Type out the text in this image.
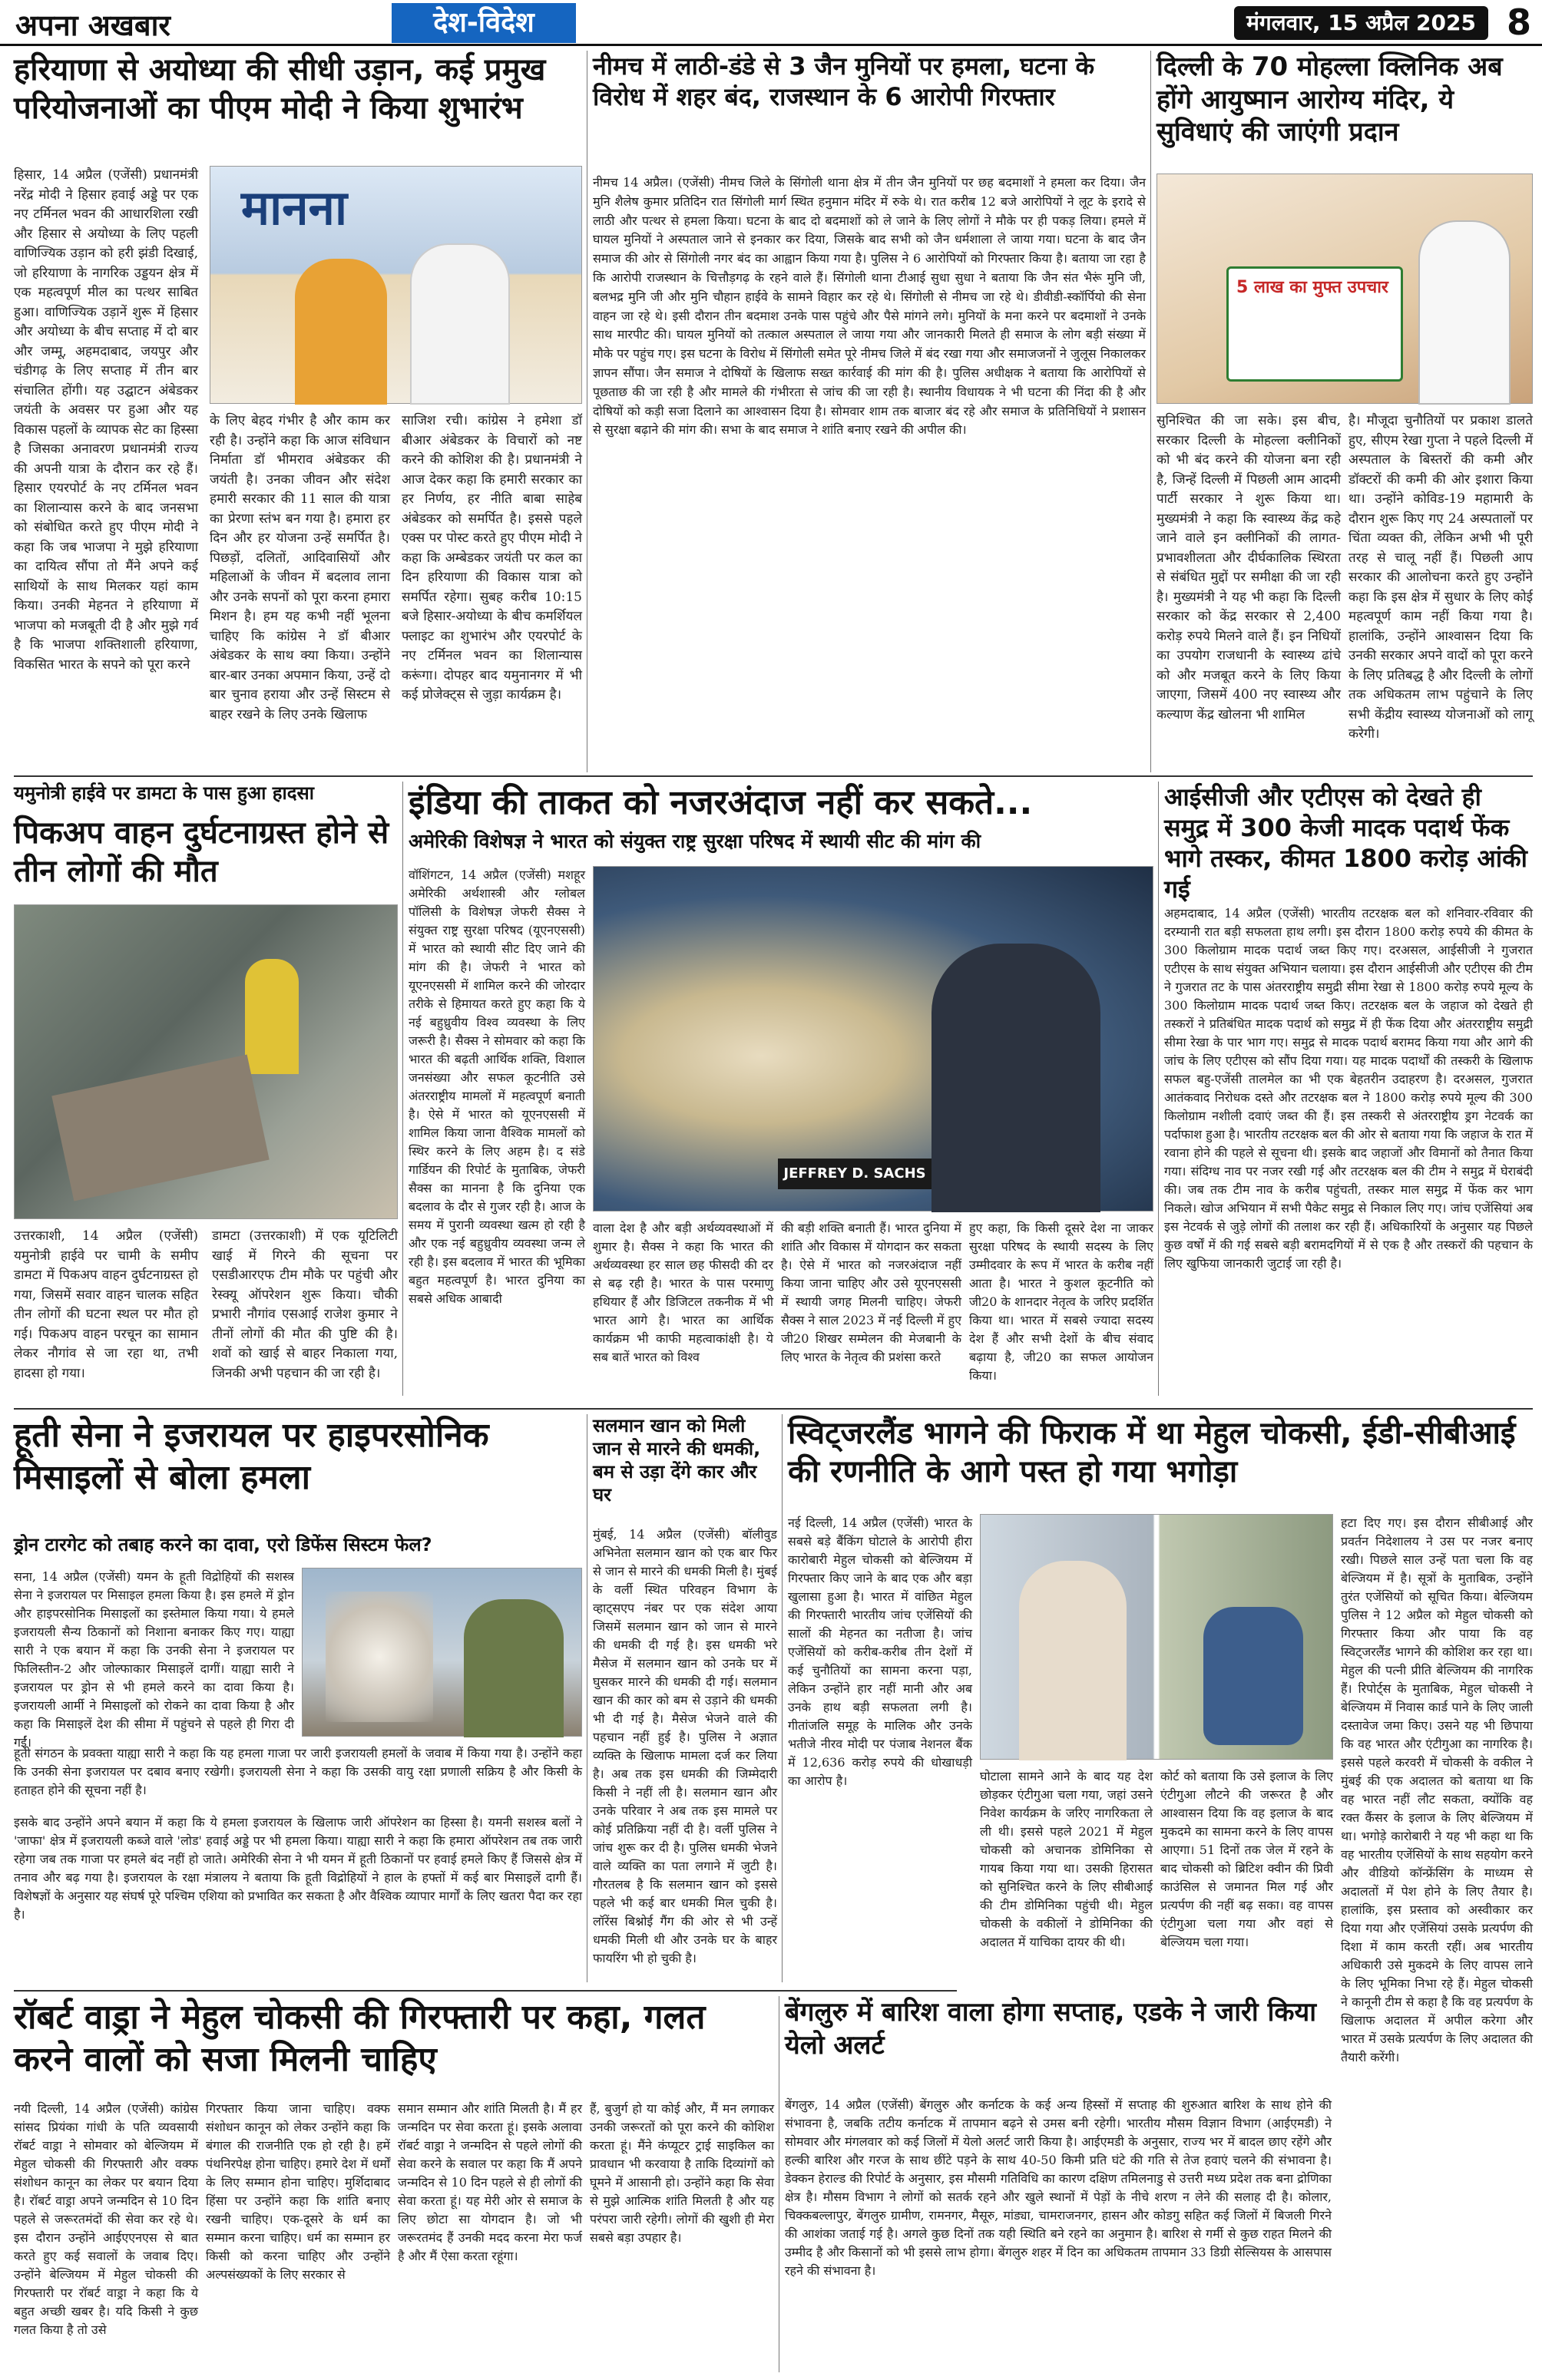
अपना अखबार	देश-विदेश	मंगलवार, 15 अप्रैल 2025 8
हरियाणा से अयोध्या की सीधी उड़ान, कई प्रमुख परियोजनाओं का पीएम मोदी ने किया शुभारंभ
मानना
हिसार, 14 अप्रैल (एजेंसी) प्रधानमंत्री नरेंद्र मोदी ने हिसार हवाई अड्डे पर एक नए टर्मिनल भवन की आधारशिला रखी और हिसार से अयोध्या के लिए पहली वाणिज्यिक उड़ान को हरी झंडी दिखाई, जो हरियाणा के नागरिक उड्डयन क्षेत्र में एक महत्वपूर्ण मील का पत्थर साबित हुआ। वाणिज्यिक उड़ानें शुरू में हिसार और अयोध्या के बीच सप्ताह में दो बार और जम्मू, अहमदाबाद, जयपुर और चंडीगढ़ के लिए सप्ताह में तीन बार संचालित होंगी। यह उद्घाटन अंबेडकर जयंती के अवसर पर हुआ और यह विकास पहलों के व्यापक सेट का हिस्सा है जिसका अनावरण प्रधानमंत्री राज्य की अपनी यात्रा के दौरान कर रहे हैं। हिसार एयरपोर्ट के नए टर्मिनल भवन का शिलान्यास करने के बाद जनसभा को संबोधित करते हुए पीएम मोदी ने कहा कि जब भाजपा ने मुझे हरियाणा का दायित्व सौंपा तो मैंने अपने कई साथियों के साथ मिलकर यहां काम किया। उनकी मेहनत ने हरियाणा में भाजपा को मजबूती दी है और मुझे गर्व है कि भाजपा शक्तिशाली हरियाणा, विकसित भारत के सपने को पूरा करने
के लिए बेहद गंभीर है और काम कर रही है। उन्होंने कहा कि आज संविधान निर्माता डॉ भीमराव अंबेडकर की जयंती है। उनका जीवन और संदेश हमारी सरकार की 11 साल की यात्रा का प्रेरणा स्तंभ बन गया है। हमारा हर दिन और हर योजना उन्हें समर्पित है। पिछड़ों, दलितों, आदिवासियों और महिलाओं के जीवन में बदलाव लाना और उनके सपनों को पूरा करना हमारा मिशन है। हम यह कभी नहीं भूलना चाहिए कि कांग्रेस ने डॉ बीआर अंबेडकर के साथ क्या किया। उन्होंने बार-बार उनका अपमान किया, उन्हें दो बार चुनाव हराया और उन्हें सिस्टम से बाहर रखने के लिए उनके खिलाफ
साजिश रची। कांग्रेस ने हमेशा डॉ बीआर अंबेडकर के विचारों को नष्ट करने की कोशिश की है। प्रधानमंत्री ने आज देकर कहा कि हमारी सरकार का हर निर्णय, हर नीति बाबा साहेब अंबेडकर को समर्पित है। इससे पहले एक्स पर पोस्ट करते हुए पीएम मोदी ने कहा कि अम्बेडकर जयंती पर कल का दिन हरियाणा की विकास यात्रा को समर्पित रहेगा। सुबह करीब 10:15 बजे हिसार-अयोध्या के बीच कमर्शियल फ्लाइट का शुभारंभ और एयरपोर्ट के नए टर्मिनल भवन का शिलान्यास करूंगा। दोपहर बाद यमुनानगर में भी कई प्रोजेक्ट्स से जुड़ा कार्यक्रम है।
नीमच में लाठी-डंडे से 3 जैन मुनियों पर हमला, घटना के विरोध में शहर बंद, राजस्थान के 6 आरोपी गिरफ्तार
नीमच 14 अप्रैल। (एजेंसी) नीमच जिले के सिंगोली थाना क्षेत्र में तीन जैन मुनियों पर छह बदमाशों ने हमला कर दिया। जैन मुनि शैलेष कुमार प्रतिदिन रात सिंगोली मार्ग स्थित हनुमान मंदिर में रुके थे। रात करीब 12 बजे आरोपियों ने लूट के इरादे से लाठी और पत्थर से हमला किया। घटना के बाद दो बदमाशों को ले जाने के लिए लोगों ने मौके पर ही पकड़ लिया। हमले में घायल मुनियों ने अस्पताल जाने से इनकार कर दिया, जिसके बाद सभी को जैन धर्मशाला ले जाया गया। घटना के बाद जैन समाज की ओर से सिंगोली नगर बंद का आह्वान किया गया है। पुलिस ने 6 आरोपियों को गिरफ्तार किया है। बताया जा रहा है कि आरोपी राजस्थान के चित्तौड़गढ़ के रहने वाले हैं। सिंगोली थाना टीआई सुधा सुधा ने बताया कि जैन संत भैरूं मुनि जी, बलभद्र मुनि जी और मुनि चौहान हाईवे के सामने विहार कर रहे थे। सिंगोली से नीमच जा रहे थे। डीवीडी-स्कॉर्पियो की सेना वाहन जा रहे थे। इसी दौरान तीन बदमाश उनके पास पहुंचे और पैसे मांगने लगे। मुनियों के मना करने पर बदमाशों ने उनके साथ मारपीट की। घायल मुनियों को तत्काल अस्पताल ले जाया गया और जानकारी मिलते ही समाज के लोग बड़ी संख्या में मौके पर पहुंच गए। इस घटना के विरोध में सिंगोली समेत पूरे नीमच जिले में बंद रखा गया और समाजजनों ने जुलूस निकालकर ज्ञापन सौंपा। जैन समाज ने दोषियों के खिलाफ सख्त कार्रवाई की मांग की है। पुलिस अधीक्षक ने बताया कि आरोपियों से पूछताछ की जा रही है और मामले की गंभीरता से जांच की जा रही है। स्थानीय विधायक ने भी घटना की निंदा की है और दोषियों को कड़ी सजा दिलाने का आश्वासन दिया है। सोमवार शाम तक बाजार बंद रहे और समाज के प्रतिनिधियों ने प्रशासन से सुरक्षा बढ़ाने की मांग की। सभा के बाद समाज ने शांति बनाए रखने की अपील की।
दिल्ली के 70 मोहल्ला क्लिनिक अब होंगे आयुष्मान आरोग्य मंदिर, ये सुविधाएं की जाएंगी प्रदान
5 लाख का मुफ्त उपचार
सुनिश्चित की जा सके। इस बीच, सरकार दिल्ली के मोहल्ला क्लीनिकों को भी बंद करने की योजना बना रही है, जिन्हें दिल्ली में पिछली आम आदमी पार्टी सरकार ने शुरू किया था। मुख्यमंत्री ने कहा कि स्वास्थ्य केंद्र कहे जाने वाले इन क्लीनिकों की लागत-प्रभावशीलता और दीर्घकालिक स्थिरता से संबंधित मुद्दों पर समीक्षा की जा रही है। मुख्यमंत्री ने यह भी कहा कि दिल्ली सरकार को केंद्र सरकार से 2,400 करोड़ रुपये मिलने वाले हैं। इन निधियों का उपयोग राजधानी के स्वास्थ्य ढांचे को और मजबूत करने के लिए किया जाएगा, जिसमें 400 नए स्वास्थ्य और कल्याण केंद्र खोलना भी शामिल
है। मौजूदा चुनौतियों पर प्रकाश डालते हुए, सीएम रेखा गुप्ता ने पहले दिल्ली में अस्पताल के बिस्तरों की कमी और डॉक्टरों की कमी की ओर इशारा किया था। उन्होंने कोविड-19 महामारी के दौरान शुरू किए गए 24 अस्पतालों पर चिंता व्यक्त की, लेकिन अभी भी पूरी तरह से चालू नहीं हैं। पिछली आप सरकार की आलोचना करते हुए उन्होंने कहा कि इस क्षेत्र में सुधार के लिए कोई महत्वपूर्ण काम नहीं किया गया है। हालांकि, उन्होंने आश्वासन दिया कि उनकी सरकार अपने वादों को पूरा करने के लिए प्रतिबद्ध है और दिल्ली के लोगों तक अधिकतम लाभ पहुंचाने के लिए सभी केंद्रीय स्वास्थ्य योजनाओं को लागू करेगी।
यमुनोत्री हाईवे पर डामटा के पास हुआ हादसा
पिकअप वाहन दुर्घटनाग्रस्त होने से तीन लोगों की मौत
उत्तरकाशी, 14 अप्रैल (एजेंसी) यमुनोत्री हाईवे पर चामी के समीप डामटा में पिकअप वाहन दुर्घटनाग्रस्त हो गया, जिसमें सवार वाहन चालक सहित तीन लोगों की घटना स्थल पर मौत हो गई। पिकअप वाहन परचून का सामान लेकर नौगांव से जा रहा था, तभी हादसा हो गया।
डामटा (उत्तरकाशी) में एक यूटिलिटी खाई में गिरने की सूचना पर एसडीआरएफ टीम मौके पर पहुंची और रेस्क्यू ऑपरेशन शुरू किया। चौकी प्रभारी नौगांव एसआई राजेश कुमार ने तीनों लोगों की मौत की पुष्टि की है। शवों को खाई से बाहर निकाला गया, जिनकी अभी पहचान की जा रही है।
इंडिया की ताकत को नजरअंदाज नहीं कर सकते...
अमेरिकी विशेषज्ञ ने भारत को संयुक्त राष्ट्र सुरक्षा परिषद में स्थायी सीट की मांग की
वॉशिंगटन, 14 अप्रैल (एजेंसी) मशहूर अमेरिकी अर्थशास्त्री और ग्लोबल पॉलिसी के विशेषज्ञ जेफरी सैक्स ने संयुक्त राष्ट्र सुरक्षा परिषद (यूएनएससी) में भारत को स्थायी सीट दिए जाने की मांग की है। जेफरी ने भारत को यूएनएससी में शामिल करने की जोरदार तरीके से हिमायत करते हुए कहा कि ये नई बहुध्रुवीय विश्व व्यवस्था के लिए जरूरी है। सैक्स ने सोमवार को कहा कि भारत की बढ़ती आर्थिक शक्ति, विशाल जनसंख्या और सफल कूटनीति उसे अंतरराष्ट्रीय मामलों में महत्वपूर्ण बनाती है। ऐसे में भारत को यूएनएससी में शामिल किया जाना वैश्विक मामलों को स्थिर करने के लिए अहम है। द संडे गार्डियन की रिपोर्ट के मुताबिक, जेफरी सैक्स का मानना है कि दुनिया एक बदलाव के दौर से गुजर रही है। आज के समय में पुरानी व्यवस्था खत्म हो रही है और एक नई बहुध्रुवीय व्यवस्था जन्म ले रही है। इस बदलाव में भारत की भूमिका बहुत महत्वपूर्ण है। भारत दुनिया का सबसे अधिक आबादी
JEFFREY D. SACHS
वाला देश है और बड़ी अर्थव्यवस्थाओं में शुमार है। सैक्स ने कहा कि भारत की अर्थव्यवस्था हर साल छह फीसदी की दर से बढ़ रही है। भारत के पास परमाणु हथियार हैं और डिजिटल तकनीक में भी भारत आगे है। भारत का आर्थिक कार्यक्रम भी काफी महत्वाकांक्षी है। ये सब बातें भारत को विश्व
की बड़ी शक्ति बनाती हैं। भारत दुनिया में शांति और विकास में योगदान कर सकता है। ऐसे में भारत को नजरअंदाज नहीं किया जाना चाहिए और उसे यूएनएससी में स्थायी जगह मिलनी चाहिए। जेफरी सैक्स ने साल 2023 में नई दिल्ली में हुए जी20 शिखर सम्मेलन की मेजबानी के लिए भारत के नेतृत्व की प्रशंसा करते
हुए कहा, कि किसी दूसरे देश ना जाकर सुरक्षा परिषद के स्थायी सदस्य के लिए उम्मीदवार के रूप में भारत के करीब नहीं आता है। भारत ने कुशल कूटनीति को जी20 के शानदार नेतृत्व के जरिए प्रदर्शित किया था। भारत में सबसे ज्यादा सदस्य देश हैं और सभी देशों के बीच संवाद बढ़ाया है, जी20 का सफल आयोजन किया।
आईसीजी और एटीएस को देखते ही समुद्र में 300 केजी मादक पदार्थ फेंक भागे तस्कर, कीमत 1800 करोड़ आंकी गई
अहमदाबाद, 14 अप्रैल (एजेंसी) भारतीय तटरक्षक बल को शनिवार-रविवार की दरम्यानी रात बड़ी सफलता हाथ लगी। इस दौरान 1800 करोड़ रुपये की कीमत के 300 किलोग्राम मादक पदार्थ जब्त किए गए। दरअसल, आईसीजी ने गुजरात एटीएस के साथ संयुक्त अभियान चलाया। इस दौरान आईसीजी और एटीएस की टीम ने गुजरात तट के पास अंतरराष्ट्रीय समुद्री सीमा रेखा से 1800 करोड़ रुपये मूल्य के 300 किलोग्राम मादक पदार्थ जब्त किए। तटरक्षक बल के जहाज को देखते ही तस्करों ने प्रतिबंधित मादक पदार्थ को समुद्र में ही फेंक दिया और अंतरराष्ट्रीय समुद्री सीमा रेखा के पार भाग गए। समुद्र से मादक पदार्थ बरामद किया गया और आगे की जांच के लिए एटीएस को सौंप दिया गया। यह मादक पदार्थों की तस्करी के खिलाफ सफल बहु-एजेंसी तालमेल का भी एक बेहतरीन उदाहरण है। दरअसल, गुजरात आतंकवाद निरोधक दस्ते और तटरक्षक बल ने 1800 करोड़ रुपये मूल्य की 300 किलोग्राम नशीली दवाएं जब्त की हैं। इस तस्करी से अंतरराष्ट्रीय ड्रग नेटवर्क का पर्दाफाश हुआ है। भारतीय तटरक्षक बल की ओर से बताया गया कि जहाज के रात में रवाना होने की पहले से सूचना थी। इसके बाद जहाजों और विमानों को तैनात किया गया। संदिग्ध नाव पर नजर रखी गई और तटरक्षक बल की टीम ने समुद्र में घेराबंदी की। जब तक टीम नाव के करीब पहुंचती, तस्कर माल समुद्र में फेंक कर भाग निकले। खोज अभियान में सभी पैकेट समुद्र से निकाल लिए गए। जांच एजेंसियां अब इस नेटवर्क से जुड़े लोगों की तलाश कर रही हैं। अधिकारियों के अनुसार यह पिछले कुछ वर्षों में की गई सबसे बड़ी बरामदगियों में से एक है और तस्करों की पहचान के लिए खुफिया जानकारी जुटाई जा रही है।
हूती सेना ने इजरायल पर हाइपरसोनिक मिसाइलों से बोला हमला
ड्रोन टारगेट को तबाह करने का दावा, एरो डिफेंस सिस्टम फेल?
सना, 14 अप्रैल (एजेंसी) यमन के हूती विद्रोहियों की सशस्त्र सेना ने इजरायल पर मिसाइल हमला किया है। इस हमले में ड्रोन और हाइपरसोनिक मिसाइलों का इस्तेमाल किया गया। ये हमले इजरायली सैन्य ठिकानों को निशाना बनाकर किए गए। याह्या सारी ने एक बयान में कहा कि उनकी सेना ने इजरायल पर फिलिस्तीन-2 और जोल्फाकार मिसाइलें दागीं। याह्या सारी ने इजरायल पर ड्रोन से भी हमले करने का दावा किया है। इजरायली आर्मी ने मिसाइलों को रोकने का दावा किया है और कहा कि मिसाइलें देश की सीमा में पहुंचने से पहले ही गिरा दी गईं।
हूती संगठन के प्रवक्ता याह्या सारी ने कहा कि यह हमला गाजा पर जारी इजरायली हमलों के जवाब में किया गया है। उन्होंने कहा कि उनकी सेना इजरायल पर दबाव बनाए रखेगी। इजरायली सेना ने कहा कि उसकी वायु रक्षा प्रणाली सक्रिय है और किसी के हताहत होने की सूचना नहीं है।
इसके बाद उन्होंने अपने बयान में कहा कि ये हमला इजरायल के खिलाफ जारी ऑपरेशन का हिस्सा है। यमनी सशस्त्र बलों ने 'जाफा' क्षेत्र में इजरायली कब्जे वाले 'लोड' हवाई अड्डे पर भी हमला किया। याह्या सारी ने कहा कि हमारा ऑपरेशन तब तक जारी रहेगा जब तक गाजा पर हमले बंद नहीं हो जाते। अमेरिकी सेना ने भी यमन में हूती ठिकानों पर हवाई हमले किए हैं जिससे क्षेत्र में तनाव और बढ़ गया है। इजरायल के रक्षा मंत्रालय ने बताया कि हूती विद्रोहियों ने हाल के हफ्तों में कई बार मिसाइलें दागी हैं। विशेषज्ञों के अनुसार यह संघर्ष पूरे पश्चिम एशिया को प्रभावित कर सकता है और वैश्विक व्यापार मार्गों के लिए खतरा पैदा कर रहा है।
सलमान खान को मिली जान से मारने की धमकी, बम से उड़ा देंगे कार और घर
मुंबई, 14 अप्रैल (एजेंसी) बॉलीवुड अभिनेता सलमान खान को एक बार फिर से जान से मारने की धमकी मिली है। मुंबई के वर्ली स्थित परिवहन विभाग के व्हाट्सएप नंबर पर एक संदेश आया जिसमें सलमान खान को जान से मारने की धमकी दी गई है। इस धमकी भरे मैसेज में सलमान खान को उनके घर में घुसकर मारने की धमकी दी गई। सलमान खान की कार को बम से उड़ाने की धमकी भी दी गई है। मैसेज भेजने वाले की पहचान नहीं हुई है। पुलिस ने अज्ञात व्यक्ति के खिलाफ मामला दर्ज कर लिया है। अब तक इस धमकी की जिम्मेदारी किसी ने नहीं ली है। सलमान खान और उनके परिवार ने अब तक इस मामले पर कोई प्रतिक्रिया नहीं दी है। वर्ली पुलिस ने जांच शुरू कर दी है। पुलिस धमकी भेजने वाले व्यक्ति का पता लगाने में जुटी है। गौरतलब है कि सलमान खान को इससे पहले भी कई बार धमकी मिल चुकी है। लॉरेंस बिश्नोई गैंग की ओर से भी उन्हें धमकी मिली थी और उनके घर के बाहर फायरिंग भी हो चुकी है।
स्विट्जरलैंड भागने की फिराक में था मेहुल चोकसी, ईडी-सीबीआई की रणनीति के आगे पस्त हो गया भगोड़ा
नई दिल्ली, 14 अप्रैल (एजेंसी) भारत के सबसे बड़े बैंकिंग घोटाले के आरोपी हीरा कारोबारी मेहुल चोकसी को बेल्जियम में गिरफ्तार किए जाने के बाद एक और बड़ा खुलासा हुआ है। भारत में वांछित मेहुल की गिरफ्तारी भारतीय जांच एजेंसियों की सालों की मेहनत का नतीजा है। जांच एजेंसियों को करीब-करीब तीन देशों में कई चुनौतियों का सामना करना पड़ा, लेकिन उन्होंने हार नहीं मानी और अब उनके हाथ बड़ी सफलता लगी है। गीतांजलि समूह के मालिक और उनके भतीजे नीरव मोदी पर पंजाब नेशनल बैंक में 12,636 करोड़ रुपये की धोखाधड़ी का आरोप है।	घोटाला सामने आने के बाद यह देश छोड़कर एंटीगुआ चला गया, जहां उसने निवेश कार्यक्रम के जरिए नागरिकता ले ली थी। इससे पहले 2021 में मेहुल चोकसी को अचानक डोमिनिका से गायब किया गया था। उसकी हिरासत को सुनिश्चित करने के लिए सीबीआई की टीम डोमिनिका पहुंची थी। मेहुल चोकसी के वकीलों ने डोमिनिका की अदालत में याचिका दायर की थी।
कोर्ट को बताया कि उसे इलाज के लिए एंटीगुआ लौटने की जरूरत है और आश्वासन दिया कि वह इलाज के बाद मुकदमे का सामना करने के लिए वापस आएगा। 51 दिनों तक जेल में रहने के बाद चोकसी को ब्रिटिश क्वीन की प्रिवी काउंसिल से जमानत मिल गई और प्रत्यर्पण की नहीं बढ़ सका। वह वापस एंटीगुआ चला गया और वहां से बेल्जियम चला गया।
हटा दिए गए। इस दौरान सीबीआई और प्रवर्तन निदेशालय ने उस पर नजर बनाए रखी। पिछले साल उन्हें पता चला कि वह बेल्जियम में है। सूत्रों के मुताबिक, उन्होंने तुरंत एजेंसियों को सूचित किया। बेल्जियम पुलिस ने 12 अप्रैल को मेहुल चोकसी को गिरफ्तार किया और पाया कि वह स्विट्जरलैंड भागने की कोशिश कर रहा था। मेहुल की पत्नी प्रीति बेल्जियम की नागरिक हैं। रिपोर्ट्स के मुताबिक, मेहुल चोकसी ने बेल्जियम में निवास कार्ड पाने के लिए जाली दस्तावेज जमा किए। उसने यह भी छिपाया कि वह भारत और एंटीगुआ का नागरिक है। इससे पहले करवरी में चोकसी के वकील ने मुंबई की एक अदालत को बताया था कि वह भारत नहीं लौट सकता, क्योंकि वह रक्त कैंसर के इलाज के लिए बेल्जियम में था। भगोड़े कारोबारी ने यह भी कहा था कि वह भारतीय एजेंसियों के साथ सहयोग करने और वीडियो कॉन्फ्रेंसिंग के माध्यम से अदालतों में पेश होने के लिए तैयार है। हालांकि, इस प्रस्ताव को अस्वीकार कर दिया गया और एजेंसियां उसके प्रत्यर्पण की दिशा में काम करती रहीं। अब भारतीय अधिकारी उसे मुकदमे के लिए वापस लाने के लिए भूमिका निभा रहे हैं। मेहुल चोकसी ने कानूनी टीम से कहा है कि वह प्रत्यर्पण के खिलाफ अदालत में अपील करेगा और भारत में उसके प्रत्यर्पण के लिए अदालत की तैयारी करेंगी।
रॉबर्ट वाड्रा ने मेहुल चोकसी की गिरफ्तारी पर कहा, गलत करने वालों को सजा मिलनी चाहिए
नयी दिल्ली, 14 अप्रैल (एजेंसी) कांग्रेस सांसद प्रियंका गांधी के पति व्यवसायी रॉबर्ट वाड्रा ने सोमवार को बेल्जियम में मेहुल चोकसी की गिरफ्तारी और वक्फ संशोधन कानून का लेकर पर बयान दिया है। रॉबर्ट वाड्रा अपने जन्मदिन से 10 दिन पहले से जरूरतमंदों की सेवा कर रहे थे। इस दौरान उन्होंने आईएएनएस से बात करते हुए कई सवालों के जवाब दिए। उन्होंने बेल्जियम में मेहुल चोकसी की गिरफ्तारी पर रॉबर्ट वाड्रा ने कहा कि ये बहुत अच्छी खबर है। यदि किसी ने कुछ गलत किया है तो उसे
गिरफ्तार किया जाना चाहिए। वक्फ संशोधन कानून को लेकर उन्होंने कहा कि बंगाल की राजनीति एक हो रही है। हमें पंथनिरपेक्ष होना चाहिए। हमारे देश में धर्मों के लिए सम्मान होना चाहिए। मुर्शिदाबाद हिंसा पर उन्होंने कहा कि शांति बनाए रखनी चाहिए। एक-दूसरे के धर्म का सम्मान करना चाहिए। धर्म का सम्मान हर किसी को करना चाहिए और उन्होंने अल्पसंख्यकों के लिए सरकार से
समान सम्मान और शांति मिलती है। मैं हर जन्मदिन पर सेवा करता हूं। इसके अलावा रॉबर्ट वाड्रा ने जन्मदिन से पहले लोगों की सेवा करने के सवाल पर कहा कि मैं अपने जन्मदिन से 10 दिन पहले से ही लोगों की सेवा करता हूं। यह मेरी ओर से समाज के लिए छोटा सा योगदान है। जो भी जरूरतमंद हैं उनकी मदद करना मेरा फर्ज है और मैं ऐसा करता रहूंगा।
हैं, बुजुर्ग हो या कोई और, मैं मन लगाकर उनकी जरूरतों को पूरा करने की कोशिश करता हूं। मैंने कंप्यूटर ट्राई साइकिल का प्रावधान भी करवाया है ताकि दिव्यांगों को घूमने में आसानी हो। उन्होंने कहा कि सेवा से मुझे आत्मिक शांति मिलती है और यह परंपरा जारी रहेगी। लोगों की खुशी ही मेरा सबसे बड़ा उपहार है।
बेंगलुरु में बारिश वाला होगा सप्ताह, एडके ने जारी किया येलो अलर्ट
बेंगलुरु, 14 अप्रैल (एजेंसी) बेंगलुरु और कर्नाटक के कई अन्य हिस्सों में सप्ताह की शुरुआत बारिश के साथ होने की संभावना है, जबकि तटीय कर्नाटक में तापमान बढ़ने से उमस बनी रहेगी। भारतीय मौसम विज्ञान विभाग (आईएमडी) ने सोमवार और मंगलवार को कई जिलों में येलो अलर्ट जारी किया है। आईएमडी के अनुसार, राज्य भर में बादल छाए रहेंगे और हल्की बारिश और गरज के साथ छींटे पड़ने के साथ 40-50 किमी प्रति घंटे की गति से तेज हवाएं चलने की संभावना है। डेक्कन हेराल्ड की रिपोर्ट के अनुसार, इस मौसमी गतिविधि का कारण दक्षिण तमिलनाडु से उत्तरी मध्य प्रदेश तक बना द्रोणिका क्षेत्र है। मौसम विभाग ने लोगों को सतर्क रहने और खुले स्थानों में पेड़ों के नीचे शरण न लेने की सलाह दी है। कोलार, चिक्कबल्लापुर, बेंगलुरु ग्रामीण, रामनगर, मैसूरु, मांड्या, चामराजनगर, हासन और कोडगु सहित कई जिलों में बिजली गिरने की आशंका जताई गई है। अगले कुछ दिनों तक यही स्थिति बने रहने का अनुमान है। बारिश से गर्मी से कुछ राहत मिलने की उम्मीद है और किसानों को भी इससे लाभ होगा। बेंगलुरु शहर में दिन का अधिकतम तापमान 33 डिग्री सेल्सियस के आसपास रहने की संभावना है।
